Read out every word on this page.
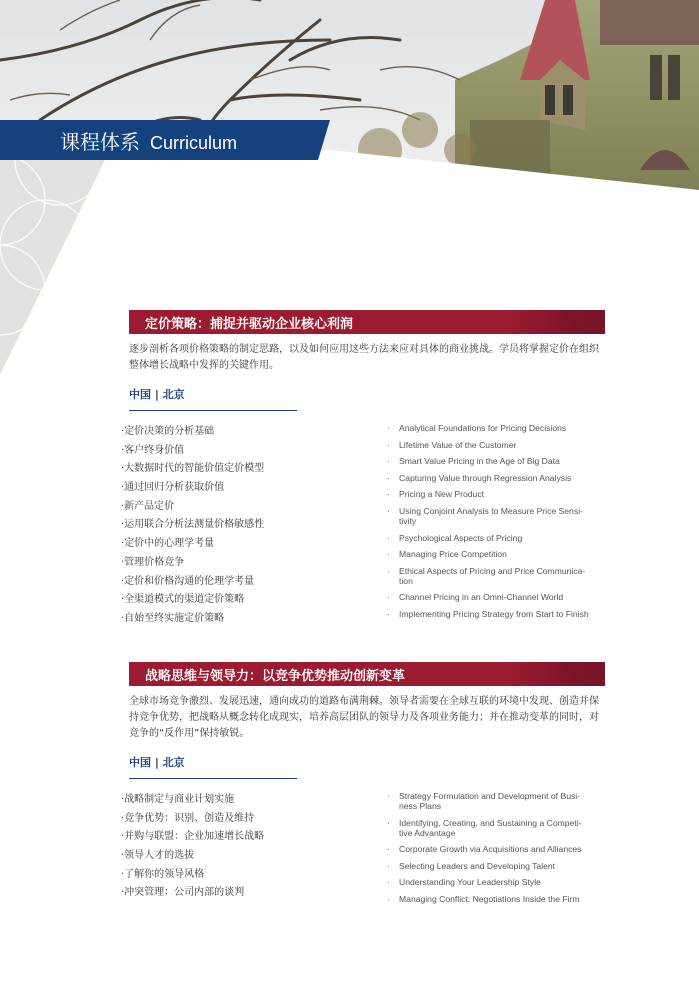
课程体系 Curriculum
定价策略：捕捉并驱动企业核心利润
逐步剖析各项价格策略的制定思路，以及如何应用这些方法来应对具体的商业挑战。学员将掌握定价在组织整体增长战略中发挥的关键作用。
中国 | 北京
·定价决策的分析基础
·客户终身价值
·大数据时代的智能价值定价模型
·通过回归分析获取价值
·新产品定价
·运用联合分析法测量价格敏感性
·定价中的心理学考量
·管理价格竞争
·定价和价格沟通的伦理学考量
·全渠道模式的渠道定价策略
·自始至终实施定价策略
· Analytical Foundations for Pricing Decisions
· Lifetime Value of the Customer
· Smart Value Pricing in the Age of Big Data
· Capturing Value through Regression Analysis
· Pricing a New Product
· Using Conjoint Analysis to Measure Price Sensi-
tivity
· Psychological Aspects of Pricing
· Managing Price Competition
· Ethical Aspects of Pricing and Price Communica-
tion
· Channel Pricing in an Omni-Channel World
· Implementing Pricing Strategy from Start to Finish
战略思维与领导力：以竞争优势推动创新变革
全球市场竞争激烈、发展迅速，通向成功的道路布满荆棘。领导者需要在全球互联的环境中发现、创造并保持竞争优势，把战略从概念转化成现实，培养高层团队的领导力及各项业务能力；并在推动变革的同时，对竞争的“反作用”保持敏锐。
中国 | 北京
·战略制定与商业计划实施
·竞争优势：识别、创造及维持
·并购与联盟：企业加速增长战略
·领导人才的选拔
·了解你的领导风格
·冲突管理：公司内部的谈判
· Strategy Formulation and Development of Busi-
ness Plans
· Identifying, Creating, and Sustaining a Competi-
tive Advantage
· Corporate Growth via Acquisitions and Alliances
· Selecting Leaders and Developing Talent
· Understanding Your Leadership Style
· Managing Conflict: Negotiations Inside the Firm
